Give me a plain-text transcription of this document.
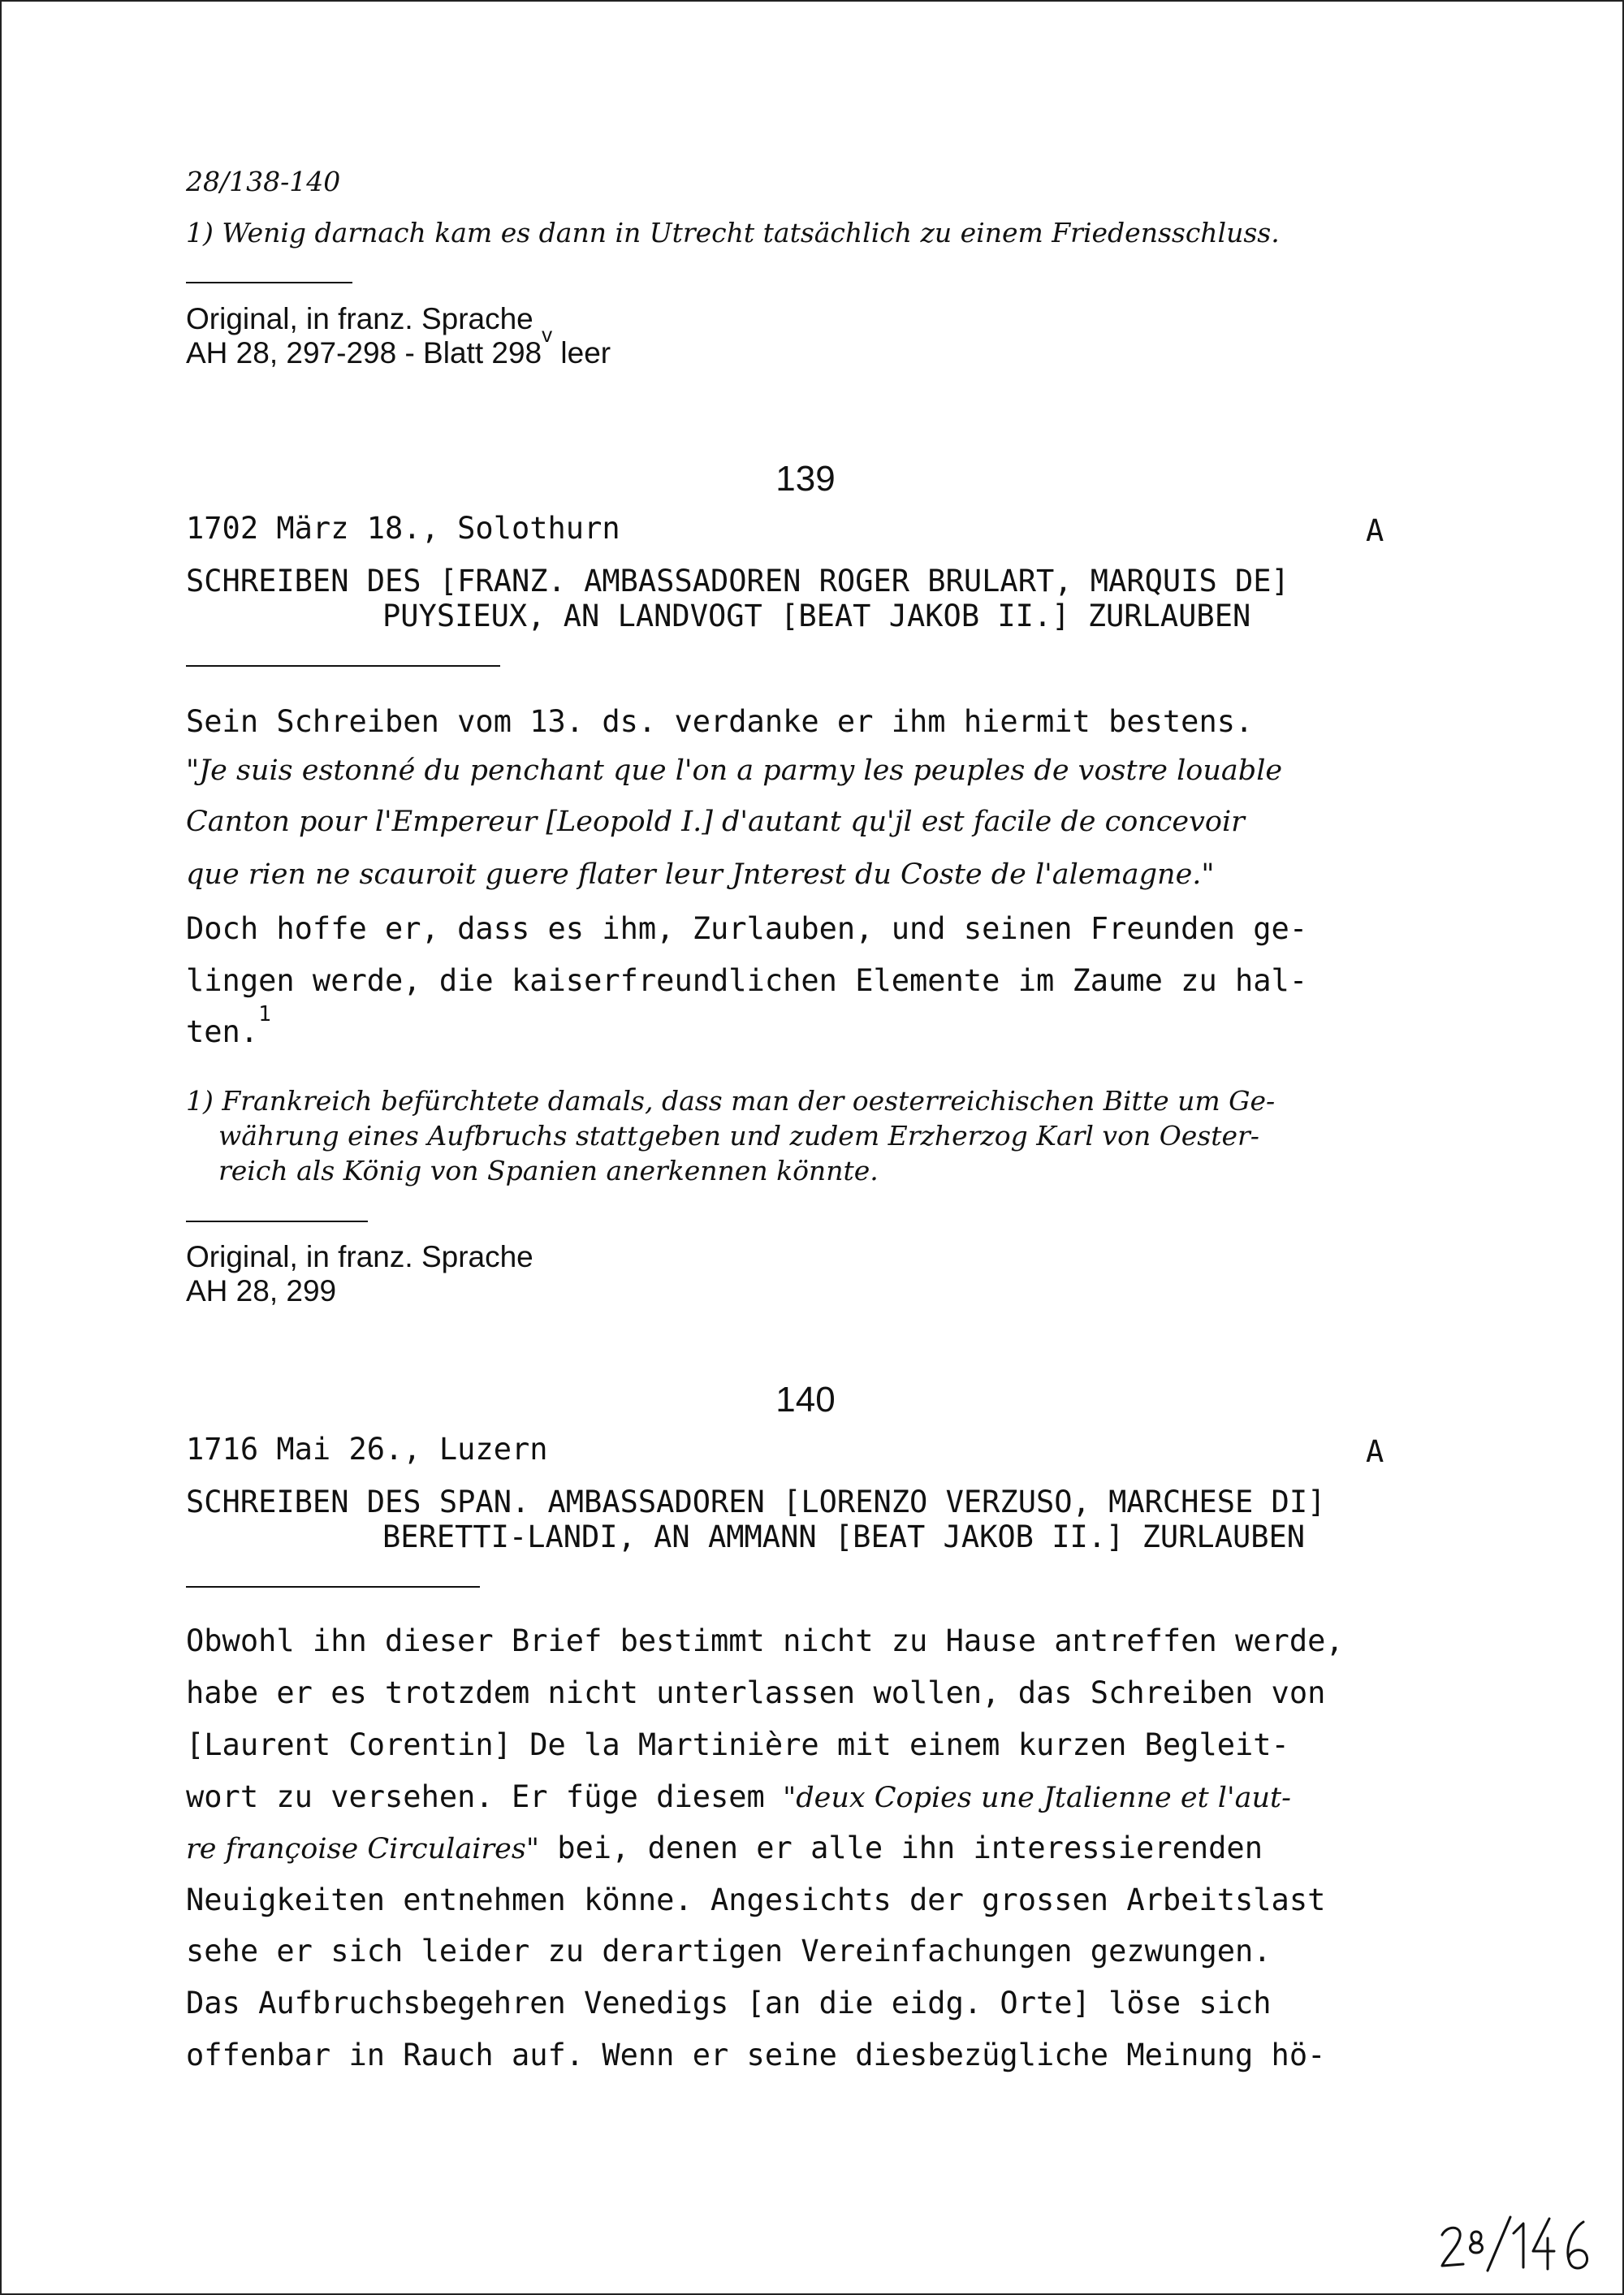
28/138-140
1) Wenig darnach kam es dann in Utrecht tatsächlich zu einem Friedensschluss.
Original, in franz. Sprache
AH 28, 297-298 - Blatt 298$^v$ leer
139
1702 März 18., Solothurn	A
SCHREIBEN DES [FRANZ. AMBASSADOREN ROGER BRULART, MARQUIS DE]
PUYSIEUX, AN LANDVOGT [BEAT JAKOB II.] ZURLAUBEN
Sein Schreiben vom 13. ds. verdanke er ihm hiermit bestens.
"Je suis estonné du penchant que l'on a parmy les peuples de vostre louable
Canton pour l'Empereur [Leopold I.] d'autant qu'jl est facile de concevoir
que rien ne scauroit guere flater leur Jnterest du Coste de l'alemagne."
Doch hoffe er, dass es ihm, Zurlauben, und seinen Freunden ge-
lingen werde, die kaiserfreundlichen Elemente im Zaume zu hal-
ten.$^1$
1) Frankreich befürchtete damals, dass man der oesterreichischen Bitte um Ge-
währung eines Aufbruchs stattgeben und zudem Erzherzog Karl von Oester-
reich als König von Spanien anerkennen könnte.
Original, in franz. Sprache
AH 28, 299
140
1716 Mai 26., Luzern	A
SCHREIBEN DES SPAN. AMBASSADOREN [LORENZO VERZUSO, MARCHESE DI]
BERETTI-LANDI, AN AMMANN [BEAT JAKOB II.] ZURLAUBEN
Obwohl ihn dieser Brief bestimmt nicht zu Hause antreffen werde,
habe er es trotzdem nicht unterlassen wollen, das Schreiben von
[Laurent Corentin] De la Martinière mit einem kurzen Begleit-
wort zu versehen. Er füge diesem "deux Copies une Jtalienne et l'aut-
re françoise Circulaires" bei, denen er alle ihn interessierenden
Neuigkeiten entnehmen könne. Angesichts der grossen Arbeitslast
sehe er sich leider zu derartigen Vereinfachungen gezwungen.
Das Aufbruchsbegehren Venedigs [an die eidg. Orte] löse sich
offenbar in Rauch auf. Wenn er seine diesbezügliche Meinung hö-
28/146
